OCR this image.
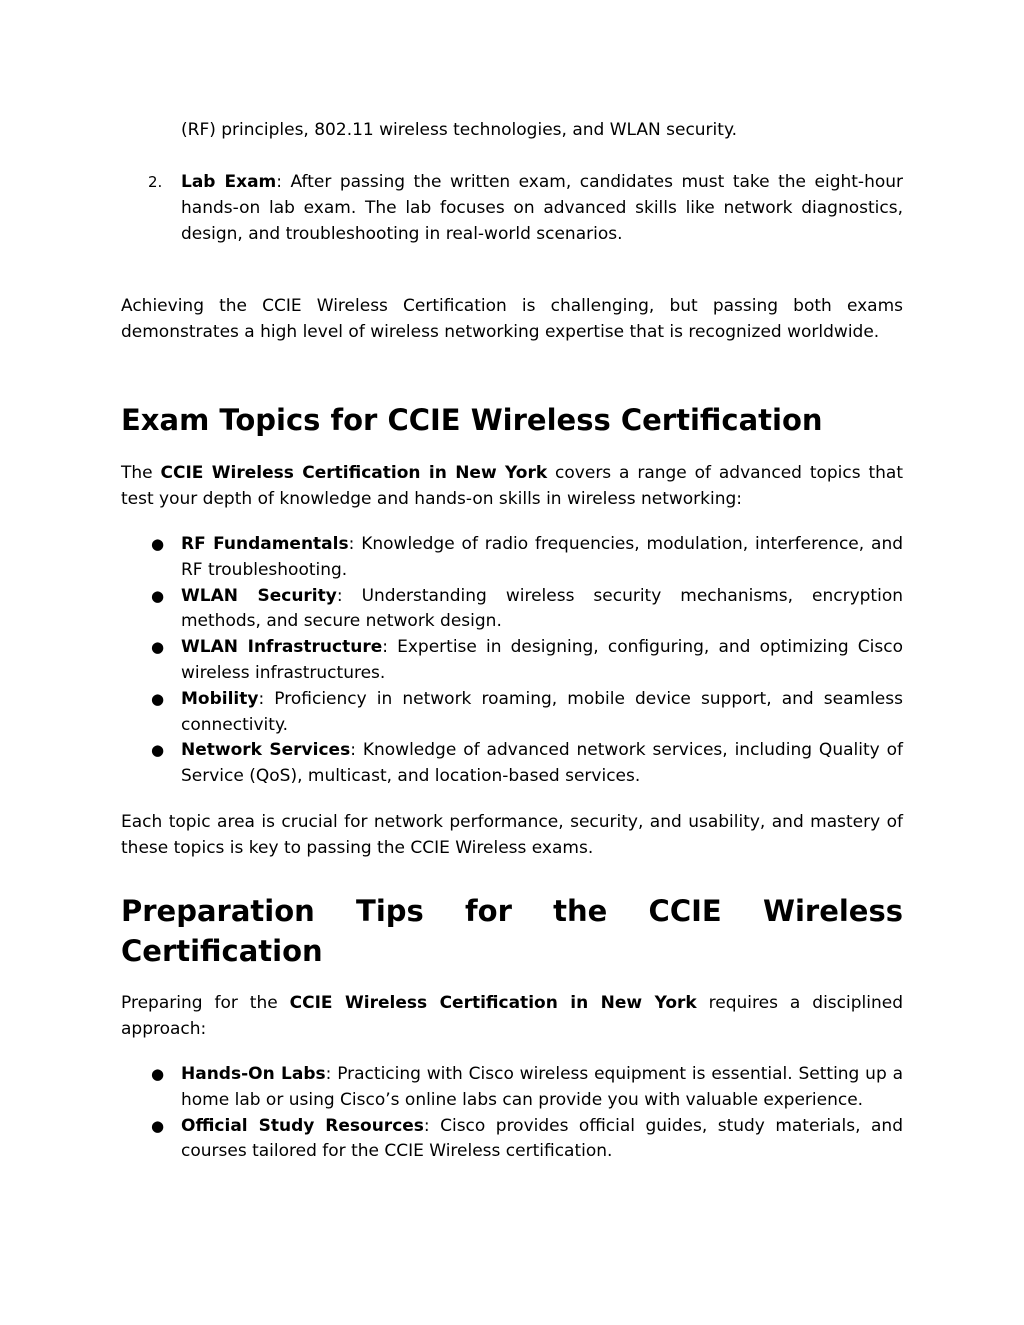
(RF) principles, 802.11 wireless technologies, and WLAN security.

2. Lab Exam: After passing the written exam, candidates must take the eight-hour hands-on lab exam. The lab focuses on advanced skills like network diagnostics, design, and troubleshooting in real-world scenarios.

Achieving the CCIE Wireless Certification is challenging, but passing both exams demonstrates a high level of wireless networking expertise that is recognized worldwide.

Exam Topics for CCIE Wireless Certification

The CCIE Wireless Certification in New York covers a range of advanced topics that test your depth of knowledge and hands-on skills in wireless networking:

● RF Fundamentals: Knowledge of radio frequencies, modulation, interference, and RF troubleshooting.
● WLAN Security: Understanding wireless security mechanisms, encryption methods, and secure network design.
● WLAN Infrastructure: Expertise in designing, configuring, and optimizing Cisco wireless infrastructures.
● Mobility: Proficiency in network roaming, mobile device support, and seamless connectivity.
● Network Services: Knowledge of advanced network services, including Quality of Service (QoS), multicast, and location-based services.

Each topic area is crucial for network performance, security, and usability, and mastery of these topics is key to passing the CCIE Wireless exams.

Preparation Tips for the CCIE Wireless
Certification

Preparing for the CCIE Wireless Certification in New York requires a disciplined approach:

● Hands-On Labs: Practicing with Cisco wireless equipment is essential. Setting up a home lab or using Cisco’s online labs can provide you with valuable experience.
● Official Study Resources: Cisco provides official guides, study materials, and courses tailored for the CCIE Wireless certification.
